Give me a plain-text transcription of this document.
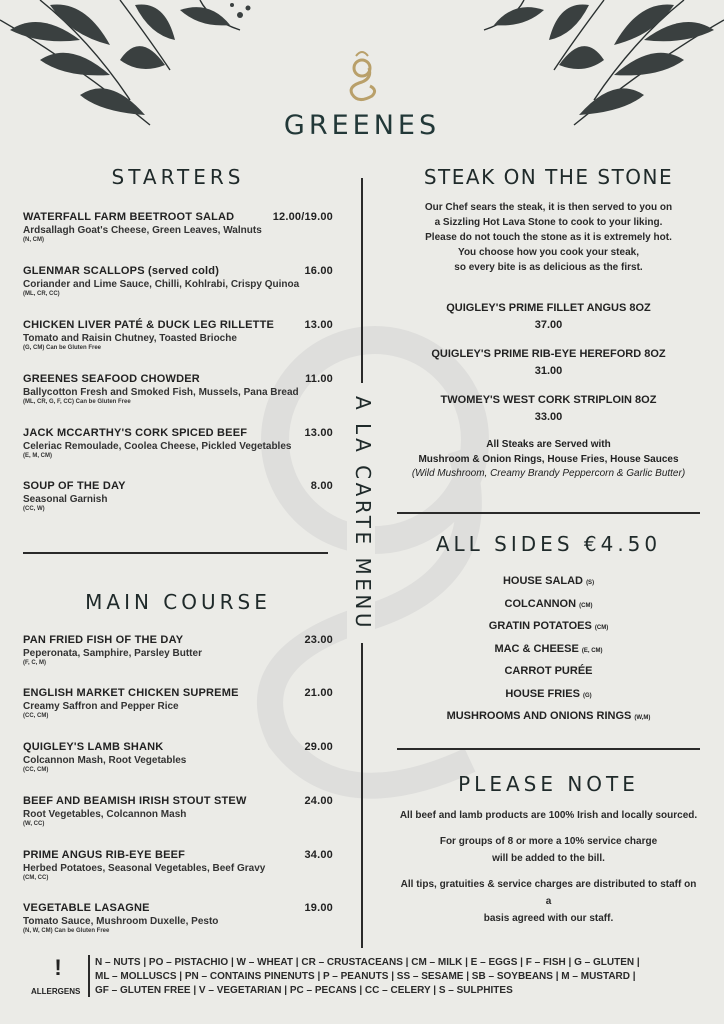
GREENES
STARTERS
WATERFALL FARM BEETROOT SALAD	12.00/19.00
Ardsallagh Goat's Cheese, Green Leaves, Walnuts
(N, CM)
GLENMAR SCALLOPS (served cold)	16.00
Coriander and Lime Sauce, Chilli, Kohlrabi, Crispy Quinoa
(ML, CR, CC)
CHICKEN LIVER PATÉ & DUCK LEG RILLETTE	13.00
Tomato and Raisin Chutney, Toasted Brioche
(G, CM) Can be Gluten Free
GREENES SEAFOOD CHOWDER	11.00
Ballycotton Fresh and Smoked Fish, Mussels, Pana Bread
(ML, CR, G, F, CC) Can be Gluten Free
JACK MCCARTHY'S CORK SPICED BEEF	13.00
Celeriac Remoulade, Coolea Cheese, Pickled Vegetables
(E, M, CM)
SOUP OF THE DAY	8.00
Seasonal Garnish
(CC, W)
MAIN COURSE
PAN FRIED FISH OF THE DAY	23.00
Peperonata, Samphire, Parsley Butter
(F, C, M)
ENGLISH MARKET CHICKEN SUPREME	21.00
Creamy Saffron and Pepper Rice
(CC, CM)
QUIGLEY'S LAMB SHANK	29.00
Colcannon Mash, Root Vegetables
(CC, CM)
BEEF AND BEAMISH IRISH STOUT STEW	24.00
Root Vegetables, Colcannon Mash
(W, CC)
PRIME ANGUS RIB-EYE BEEF	34.00
Herbed Potatoes, Seasonal Vegetables, Beef Gravy
(CM, CC)
VEGETABLE LASAGNE	19.00
Tomato Sauce, Mushroom Duxelle, Pesto
(N, W, CM) Can be Gluten Free
A LA CARTE MENU
STEAK ON THE STONE
Our Chef sears the steak, it is then served to you on
a Sizzling Hot Lava Stone to cook to your liking.
Please do not touch the stone as it is extremely hot.
You choose how you cook your steak,
so every bite is as delicious as the first.
QUIGLEY'S PRIME FILLET ANGUS 8OZ
37.00
QUIGLEY'S PRIME RIB-EYE HEREFORD 8OZ
31.00
TWOMEY'S WEST CORK STRIPLOIN 8OZ
33.00
All Steaks are Served with
Mushroom & Onion Rings, House Fries, House Sauces
(Wild Mushroom, Creamy Brandy Peppercorn & Garlic Butter)
ALL SIDES €4.50
HOUSE SALAD (S)
COLCANNON (CM)
GRATIN POTATOES (CM)
MAC & CHEESE (E, CM)
CARROT PURÉE
HOUSE FRIES (G)
MUSHROOMS AND ONIONS RINGS (W,M)
PLEASE NOTE
All beef and lamb products are 100% Irish and locally sourced.
For groups of 8 or more a 10% service charge
will be added to the bill.
All tips, gratuities & service charges are distributed to staff on a
basis agreed with our staff.
!
ALLERGENS
N – NUTS | PO – PISTACHIO | W – WHEAT | CR – CRUSTACEANS | CM – MILK | E – EGGS | F – FISH | G – GLUTEN |
ML – MOLLUSCS | PN – CONTAINS PINENUTS | P – PEANUTS | SS – SESAME | SB – SOYBEANS | M – MUSTARD |
GF – GLUTEN FREE | V – VEGETARIAN | PC – PECANS | CC – CELERY | S – SULPHITES
